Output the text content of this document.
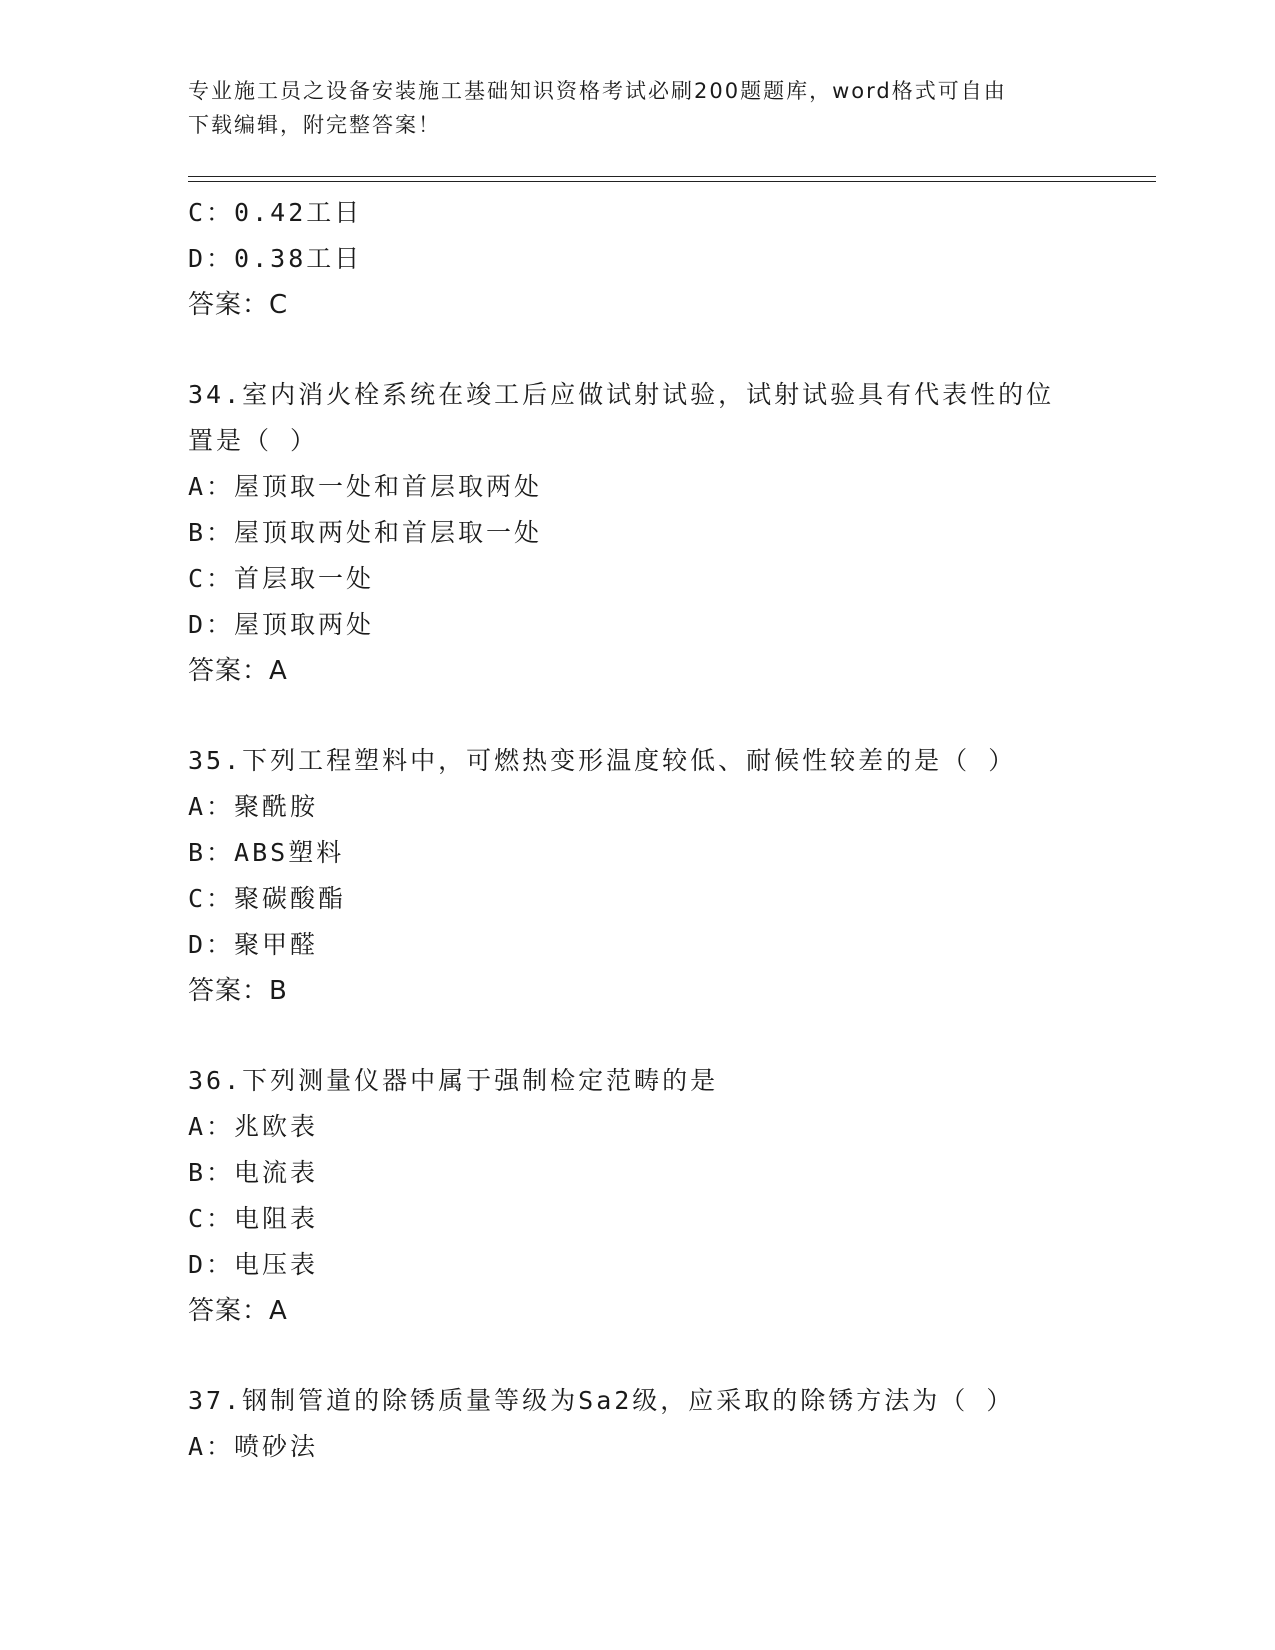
专业施工员之设备安装施工基础知识资格考试必刷200题题库，word格式可自由
下载编辑，附完整答案！
C：0.42工日
D：0.38工日
答案：C
34.室内消火栓系统在竣工后应做试射试验，试射试验具有代表性的位
置是（ ）
A：屋顶取一处和首层取两处
B：屋顶取两处和首层取一处
C：首层取一处
D：屋顶取两处
答案：A
35.下列工程塑料中，可燃热变形温度较低、耐候性较差的是（ ）
A：聚酰胺
B：ABS塑料
C：聚碳酸酯
D：聚甲醛
答案：B
36.下列测量仪器中属于强制检定范畴的是
A：兆欧表
B：电流表
C：电阻表
D：电压表
答案：A
37.钢制管道的除锈质量等级为Sa2级，应采取的除锈方法为（ ）
A：喷砂法
